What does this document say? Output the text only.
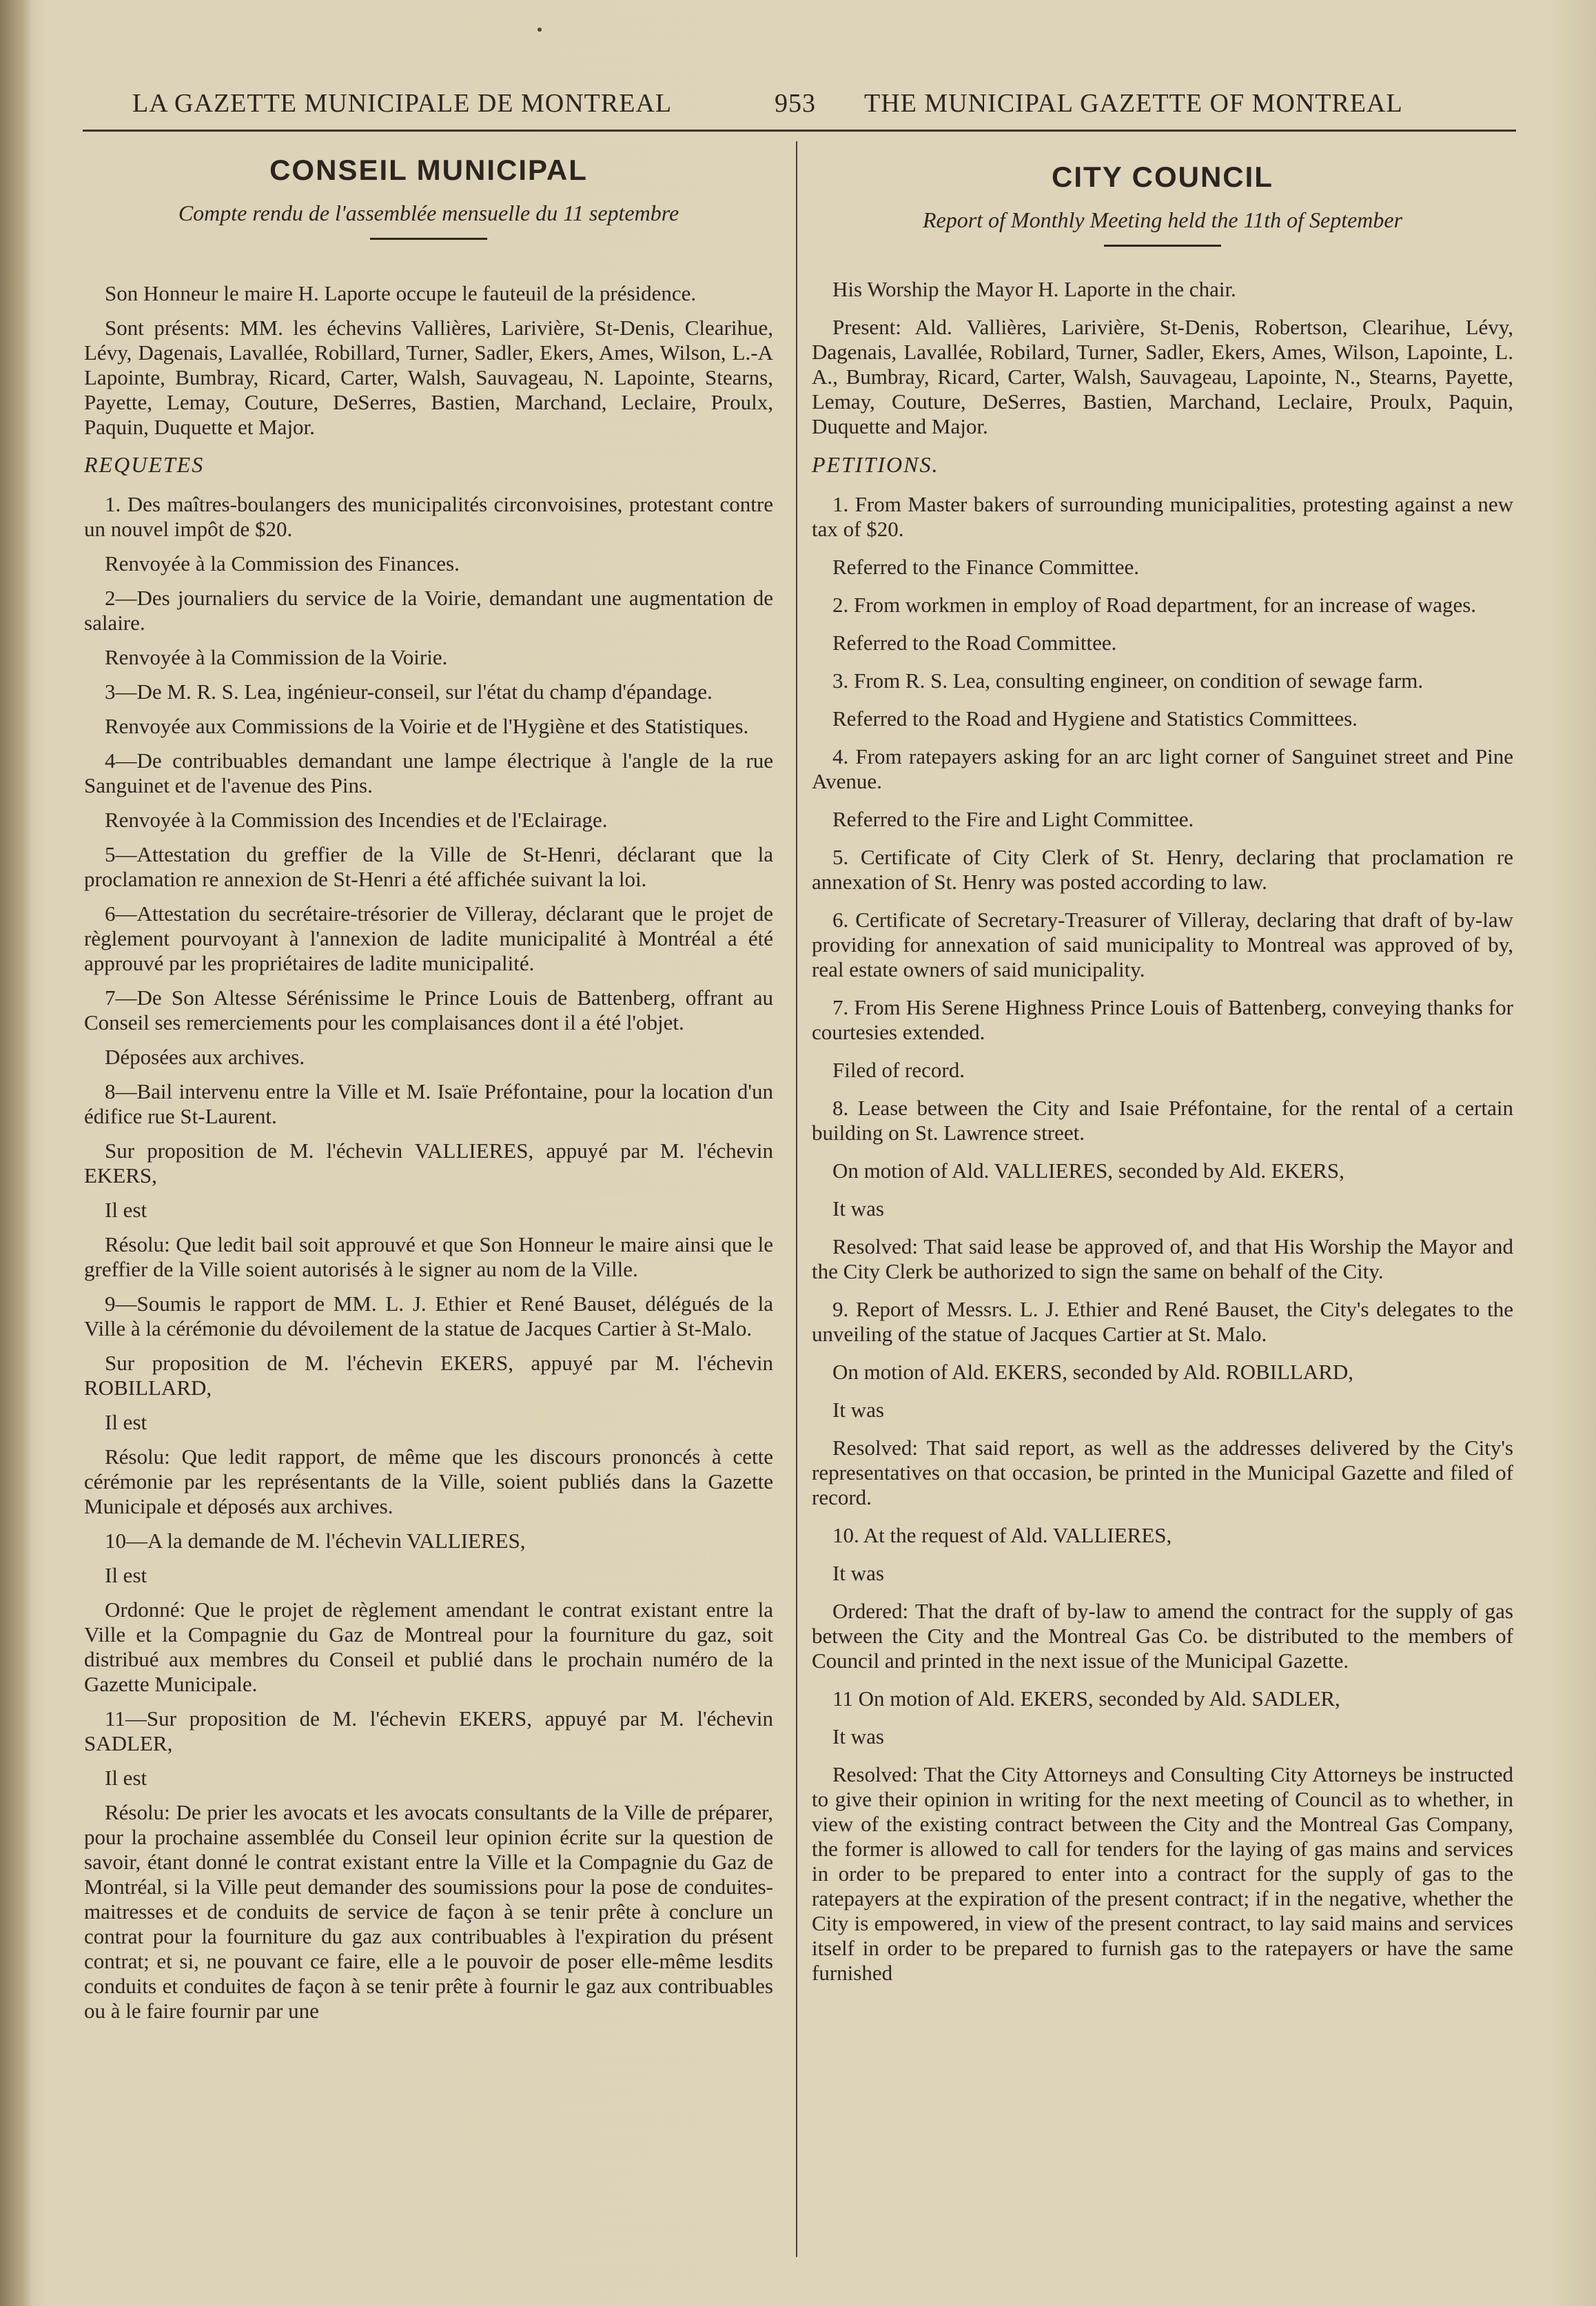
LA GAZETTE MUNICIPALE DE MONTREAL	953 THE MUNICIPAL GAZETTE OF MONTREAL
CONSEIL MUNICIPAL
Compte rendu de l'assemblée mensuelle du 11 septembre

Son Honneur le maire H. Laporte occupe le fauteuil de la présidence.

Sont présents: MM. les échevins Vallières, Larivière, St-Denis, Clearihue, Lévy, Dagenais, Lavallée, Robillard, Turner, Sadler, Ekers, Ames, Wilson, L.-A Lapointe, Bumbray, Ricard, Carter, Walsh, Sauvageau, N. Lapointe, Stearns, Payette, Lemay, Couture, DeSerres, Bastien, Marchand, Leclaire, Proulx, Paquin, Duquette et Major.

REQUETES

1. Des maîtres-boulangers des municipalités circonvoisines, protestant contre un nouvel impôt de $20.

Renvoyée à la Commission des Finances.

2—Des journaliers du service de la Voirie, demandant une augmentation de salaire.

Renvoyée à la Commission de la Voirie.

3—De M. R. S. Lea, ingénieur-conseil, sur l'état du champ d'épandage.

Renvoyée aux Commissions de la Voirie et de l'Hygiène et des Statistiques.

4—De contribuables demandant une lampe électrique à l'angle de la rue Sanguinet et de l'avenue des Pins.

Renvoyée à la Commission des Incendies et de l'Eclairage.

5—Attestation du greffier de la Ville de St-Henri, déclarant que la proclamation re annexion de St-Henri a été affichée suivant la loi.

6—Attestation du secrétaire-trésorier de Villeray, déclarant que le projet de règlement pourvoyant à l'annexion de ladite municipalité à Montréal a été approuvé par les propriétaires de ladite municipalité.

7—De Son Altesse Sérénissime le Prince Louis de Battenberg, offrant au Conseil ses remerciements pour les complaisances dont il a été l'objet.

Déposées aux archives.

8—Bail intervenu entre la Ville et M. Isaïe Préfontaine, pour la location d'un édifice rue St-Laurent.

Sur proposition de M. l'échevin VALLIERES, appuyé par M. l'échevin EKERS,

Il est

Résolu: Que ledit bail soit approuvé et que Son Honneur le maire ainsi que le greffier de la Ville soient autorisés à le signer au nom de la Ville.

9—Soumis le rapport de MM. L. J. Ethier et René Bauset, délégués de la Ville à la cérémonie du dévoilement de la statue de Jacques Cartier à St-Malo.

Sur proposition de M. l'échevin EKERS, appuyé par M. l'échevin ROBILLARD,

Il est

Résolu: Que ledit rapport, de même que les discours prononcés à cette cérémonie par les représentants de la Ville, soient publiés dans la Gazette Municipale et déposés aux archives.

10—A la demande de M. l'échevin VALLIERES,

Il est

Ordonné: Que le projet de règlement amendant le contrat existant entre la Ville et la Compagnie du Gaz de Montreal pour la fourniture du gaz, soit distribué aux membres du Conseil et publié dans le prochain numéro de la Gazette Municipale.

11—Sur proposition de M. l'échevin EKERS, appuyé par M. l'échevin SADLER,

Il est

Résolu: De prier les avocats et les avocats consultants de la Ville de préparer, pour la prochaine assemblée du Conseil leur opinion écrite sur la question de savoir, étant donné le contrat existant entre la Ville et la Compagnie du Gaz de Montréal, si la Ville peut demander des soumissions pour la pose de conduites-maitresses et de conduits de service de façon à se tenir prête à conclure un contrat pour la fourniture du gaz aux contribuables à l'expiration du présent contrat; et si, ne pouvant ce faire, elle a le pouvoir de poser elle-même lesdits conduits et conduites de façon à se tenir prête à fournir le gaz aux contribuables ou à le faire fournir par une

CITY COUNCIL
Report of Monthly Meeting held the 11th of September

His Worship the Mayor H. Laporte in the chair.

Present: Ald. Vallières, Larivière, St-Denis, Robertson, Clearihue, Lévy, Dagenais, Lavallée, Robilard, Turner, Sadler, Ekers, Ames, Wilson, Lapointe, L. A., Bumbray, Ricard, Carter, Walsh, Sauvageau, Lapointe, N., Stearns, Payette, Lemay, Couture, DeSerres, Bastien, Marchand, Leclaire, Proulx, Paquin, Duquette and Major.

PETITIONS.

1. From Master bakers of surrounding municipalities, protesting against a new tax of $20.

Referred to the Finance Committee.

2. From workmen in employ of Road department, for an increase of wages.

Referred to the Road Committee.

3. From R. S. Lea, consulting engineer, on condition of sewage farm.

Referred to the Road and Hygiene and Statistics Committees.

4. From ratepayers asking for an arc light corner of Sanguinet street and Pine Avenue.

Referred to the Fire and Light Committee.

5. Certificate of City Clerk of St. Henry, declaring that proclamation re annexation of St. Henry was posted according to law.

6. Certificate of Secretary-Treasurer of Villeray, declaring that draft of by-law providing for annexation of said municipality to Montreal was approved of by, real estate owners of said municipality.

7. From His Serene Highness Prince Louis of Battenberg, conveying thanks for courtesies extended.

Filed of record.

8. Lease between the City and Isaie Préfontaine, for the rental of a certain building on St. Lawrence street.

On motion of Ald. VALLIERES, seconded by Ald. EKERS,

It was

Resolved: That said lease be approved of, and that His Worship the Mayor and the City Clerk be authorized to sign the same on behalf of the City.

9. Report of Messrs. L. J. Ethier and René Bauset, the City's delegates to the unveiling of the statue of Jacques Cartier at St. Malo.

On motion of Ald. EKERS, seconded by Ald. ROBILLARD,

It was

Resolved: That said report, as well as the addresses delivered by the City's representatives on that occasion, be printed in the Municipal Gazette and filed of record.

10. At the request of Ald. VALLIERES,

It was

Ordered: That the draft of by-law to amend the contract for the supply of gas between the City and the Montreal Gas Co. be distributed to the members of Council and printed in the next issue of the Municipal Gazette.

11 On motion of Ald. EKERS, seconded by Ald. SADLER,

It was

Resolved: That the City Attorneys and Consulting City Attorneys be instructed to give their opinion in writing for the next meeting of Council as to whether, in view of the existing contract between the City and the Montreal Gas Company, the former is allowed to call for tenders for the laying of gas mains and services in order to be prepared to enter into a contract for the supply of gas to the ratepayers at the expiration of the present contract; if in the negative, whether the City is empowered, in view of the present contract, to lay said mains and services itself in order to be prepared to furnish gas to the ratepayers or have the same furnished
